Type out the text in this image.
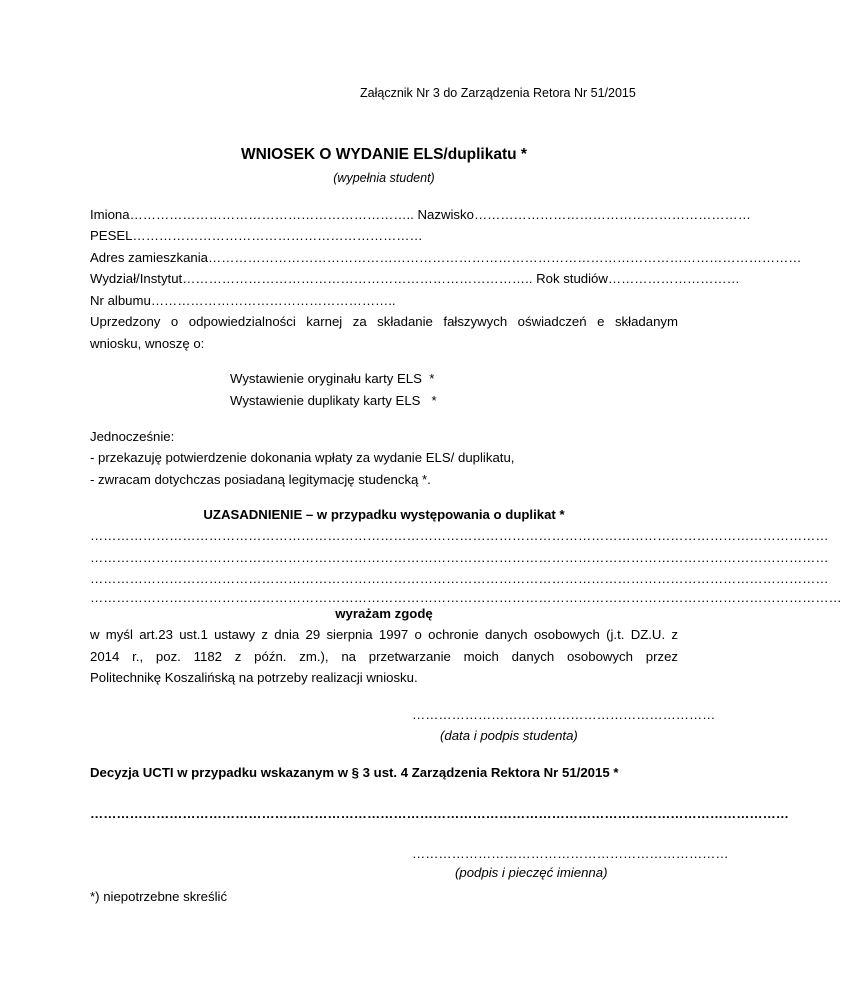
Załącznik Nr 3 do Zarządzenia Retora Nr 51/2015
WNIOSEK O WYDANIE ELS/duplikatu *
(wypełnia student)
Imiona……………………………………………………….. Nazwisko………………………………………………………
PESEL…………………………………………………………
Adres zamieszkania………………………………………………………………………………………………………………………
Wydział/Instytut…………………………………………………………………….. Rok studiów…………………………
Nr albumu………………………………………………..
Uprzedzony o odpowiedzialności karnej za składanie fałszywych oświadczeń e składanym
wniosku, wnoszę o:
Wystawienie oryginału karty ELS  *
Wystawienie duplikaty karty ELS   *
Jednocześnie:
- przekazuję potwierdzenie dokonania wpłaty za wydanie ELS/ duplikatu,
- zwracam dotychczas posiadaną legitymację studencką *.
UZASADNIENIE – w przypadku występowania o duplikat *
……………………………………………………………………………………………………………………………………………………
……………………………………………………………………………………………………………………………………………………
……………………………………………………………………………………………………………………………………………………
………………………………………………………………………………………………………………………………………………………
wyrażam zgodę
w myśl art.23 ust.1 ustawy z dnia 29 sierpnia 1997 o ochronie danych osobowych (j.t. DZ.U. z
2014 r., poz. 1182 z późn. zm.), na przetwarzanie moich danych osobowych przez
Politechnikę Koszalińską na potrzeby realizacji wniosku.
……………………………………………………………
(data i podpis studenta)
Decyzja UCTI w przypadku wskazanym w § 3 ust. 4 Zarządzenia Rektora Nr 51/2015 *
……………………………………………………………………………………………………………………………………………
………………………………………………………………
(podpis i pieczęć imienna)
*) niepotrzebne skreślić
